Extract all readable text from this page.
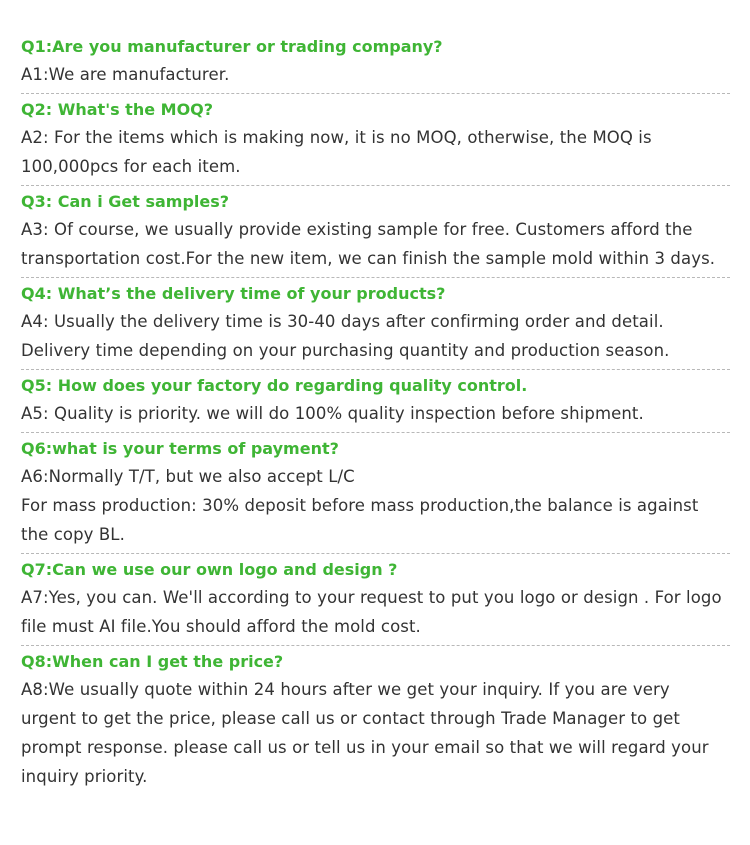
Q1:Are you manufacturer or trading company?

A1:We are manufacturer.

Q2: What's the MOQ?

A2: For the items which is making now, it is no MOQ, otherwise, the MOQ is 100,000pcs for each item.

Q3: Can i Get samples?

A3: Of course, we usually provide existing sample for free. Customers afford the transportation cost.For the new item, we can finish the sample mold within 3 days.

Q4: What’s the delivery time of your products?

A4: Usually the delivery time is 30-40 days after confirming order and detail. Delivery time depending on your purchasing quantity and production season.

Q5: How does your factory do regarding quality control.

A5: Quality is priority. we will do 100% quality inspection before shipment.

Q6:what is your terms of payment?

A6:Normally T/T, but we also accept L/C

For mass production: 30% deposit before mass production,the balance is against the copy BL.

Q7:Can we use our own logo and design ?

A7:Yes, you can. We'll according to your request to put you logo or design . For logo file must AI file.You should afford the mold cost.

Q8:When can I get the price?

A8:We usually quote within 24 hours after we get your inquiry. If you are very urgent to get the price, please call us or contact through Trade Manager to get prompt response. please call us or tell us in your email so that we will regard your inquiry priority.
